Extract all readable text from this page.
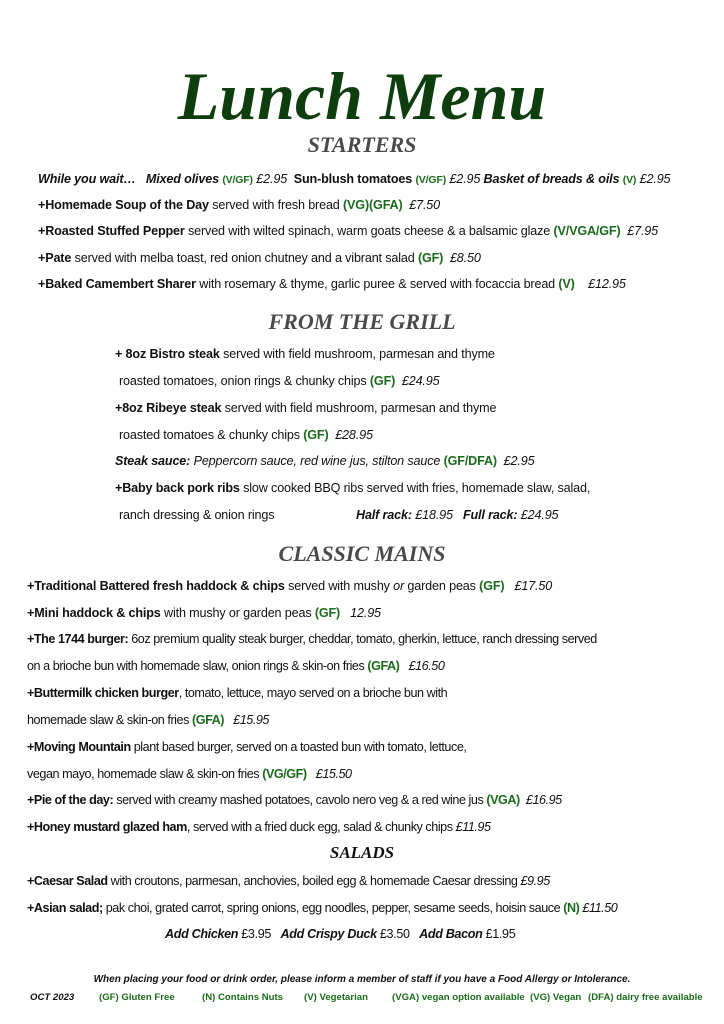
Lunch Menu
STARTERS
While you wait… Mixed olives (V/GF) £2.95 Sun-blush tomatoes (V/GF) £2.95 Basket of breads & oils (V) £2.95
+Homemade Soup of the Day served with fresh bread (VG)(GFA) £7.50
+Roasted Stuffed Pepper served with wilted spinach, warm goats cheese & a balsamic glaze (V/VGA/GF) £7.95
+Pate served with melba toast, red onion chutney and a vibrant salad (GF) £8.50
+Baked Camembert Sharer with rosemary & thyme, garlic puree & served with focaccia bread (V) £12.95
FROM THE GRILL
+ 8oz Bistro steak served with field mushroom, parmesan and thyme
roasted tomatoes, onion rings & chunky chips (GF) £24.95
+8oz Ribeye steak served with field mushroom, parmesan and thyme
roasted tomatoes & chunky chips (GF) £28.95
Steak sauce: Peppercorn sauce, red wine jus, stilton sauce (GF/DFA) £2.95
+Baby back pork ribs slow cooked BBQ ribs served with fries, homemade slaw, salad,
ranch dressing & onion rings	Half rack: £18.95 Full rack: £24.95
CLASSIC MAINS
+Traditional Battered fresh haddock & chips served with mushy or garden peas (GF) £17.50
+Mini haddock & chips with mushy or garden peas (GF) 12.95
+The 1744 burger: 6oz premium quality steak burger, cheddar, tomato, gherkin, lettuce, ranch dressing served
on a brioche bun with homemade slaw, onion rings & skin-on fries (GFA) £16.50
+Buttermilk chicken burger, tomato, lettuce, mayo served on a brioche bun with
homemade slaw & skin-on fries (GFA) £15.95
+Moving Mountain plant based burger, served on a toasted bun with tomato, lettuce,
vegan mayo, homemade slaw & skin-on fries (VG/GF) £15.50
+Pie of the day: served with creamy mashed potatoes, cavolo nero veg & a red wine jus (VGA) £16.95
+Honey mustard glazed ham, served with a fried duck egg, salad & chunky chips £11.95
SALADS
+Caesar Salad with croutons, parmesan, anchovies, boiled egg & homemade Caesar dressing £9.95
+Asian salad; pak choi, grated carrot, spring onions, egg noodles, pepper, sesame seeds, hoisin sauce (N) £11.50
Add Chicken £3.95 Add Crispy Duck £3.50 Add Bacon £1.95
When placing your food or drink order, please inform a member of staff if you have a Food Allergy or Intolerance.
OCT 2023	(GF) Gluten Free	(N) Contains Nuts (V) Vegetarian	(VGA) vegan option available (VG) Vegan (DFA) dairy free available
